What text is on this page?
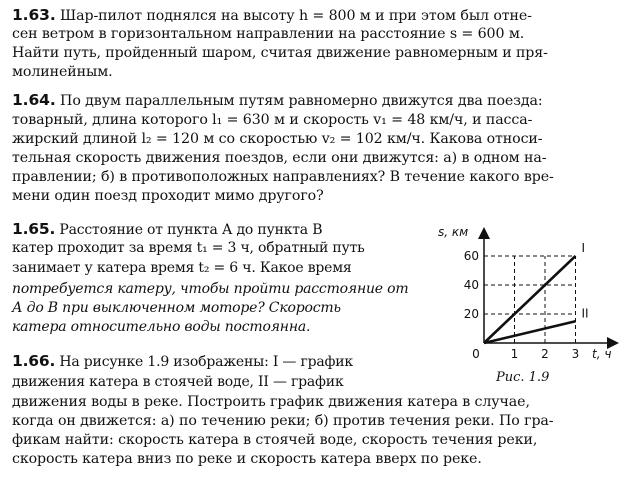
1.63. Шар-пилот поднялся на высоту h = 800 м и при этом был отне-
сен ветром в горизонтальном направлении на расстояние s = 600 м.
Найти путь, пройденный шаром, считая движение равномерным и пря-
молинейным.
1.64. По двум параллельным путям равномерно движутся два поезда:
товарный, длина которого l₁ = 630 м и скорость v₁ = 48 км/ч, и пасса-
жирский длиной l₂ = 120 м со скоростью v₂ = 102 км/ч. Какова относи-
тельная скорость движения поездов, если они движутся: а) в одном на-
правлении; б) в противоположных направлениях? В течение какого вре-
мени один поезд проходит мимо другого?
1.65. Расстояние от пункта А до пункта В
катер проходит за время t₁ = 3 ч, обратный путь
занимает у катера время t₂ = 6 ч. Какое время
потребуется катеру, чтобы пройти расстояние от
А до В при выключенном моторе? Скорость
катера относительно воды постоянна.
1.66. На рисунке 1.9 изображены: I — график
движения катера в стоячей воде, II — график
движения воды в реке. Построить график движения катера в случае,
когда он движется: а) по течению реки; б) против течения реки. По гра-
фикам найти: скорость катера в стоячей воде, скорость течения реки,
скорость катера вниз по реке и скорость катера вверх по реке.
s, км
t, ч
20
40
60
0	1 2 3
I
II
Рис. 1.9
